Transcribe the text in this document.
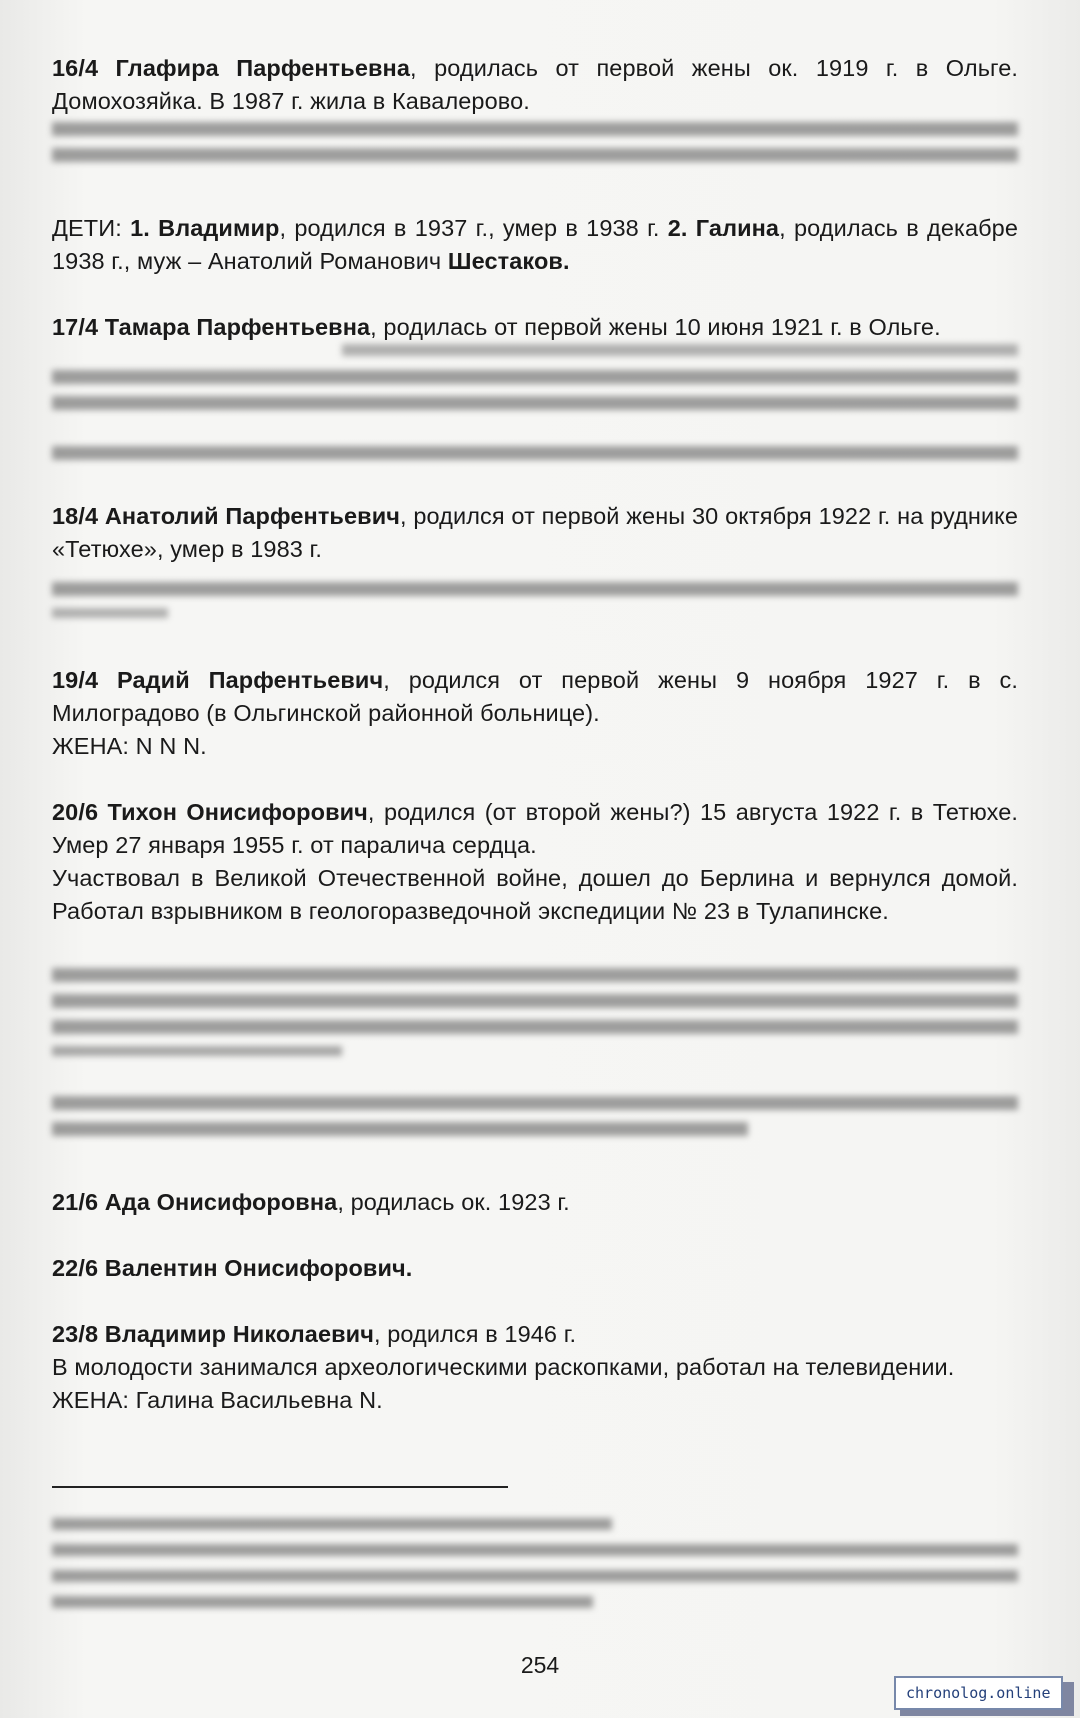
16/4 Глафира Парфентьевна, родилась от первой жены ок. 1919 г. в Ольге. Домохозяйка. В 1987 г. жила в Кавалерово.
ДЕТИ: 1. Владимир, родился в 1937 г., умер в 1938 г. 2. Галина, родилась в декабре 1938 г., муж – Анатолий Романович Шестаков.
17/4 Тамара Парфентьевна, родилась от первой жены 10 июня 1921 г. в Ольге.
18/4 Анатолий Парфентьевич, родился от первой жены 30 октября 1922 г. на руднике «Тетюхе», умер в 1983 г.
19/4 Радий Парфентьевич, родился от первой жены 9 ноября 1927 г. в с. Милоградово (в Ольгинской районной больнице).
ЖЕНА: N N N.
20/6 Тихон Онисифорович, родился (от второй жены?) 15 августа 1922 г. в Тетюхе. Умер 27 января 1955 г. от паралича сердца.
Участвовал в Великой Отечественной войне, дошел до Берлина и вернулся домой. Работал взрывником в геологоразведочной экспедиции № 23 в Тулапинске.
21/6 Ада Онисифоровна, родилась ок. 1923 г.
22/6 Валентин Онисифорович.
23/8 Владимир Николаевич, родился в 1946 г.
В молодости занимался археологическими раскопками, работал на телевидении.
ЖЕНА: Галина Васильевна N.
254
chronolog.online
